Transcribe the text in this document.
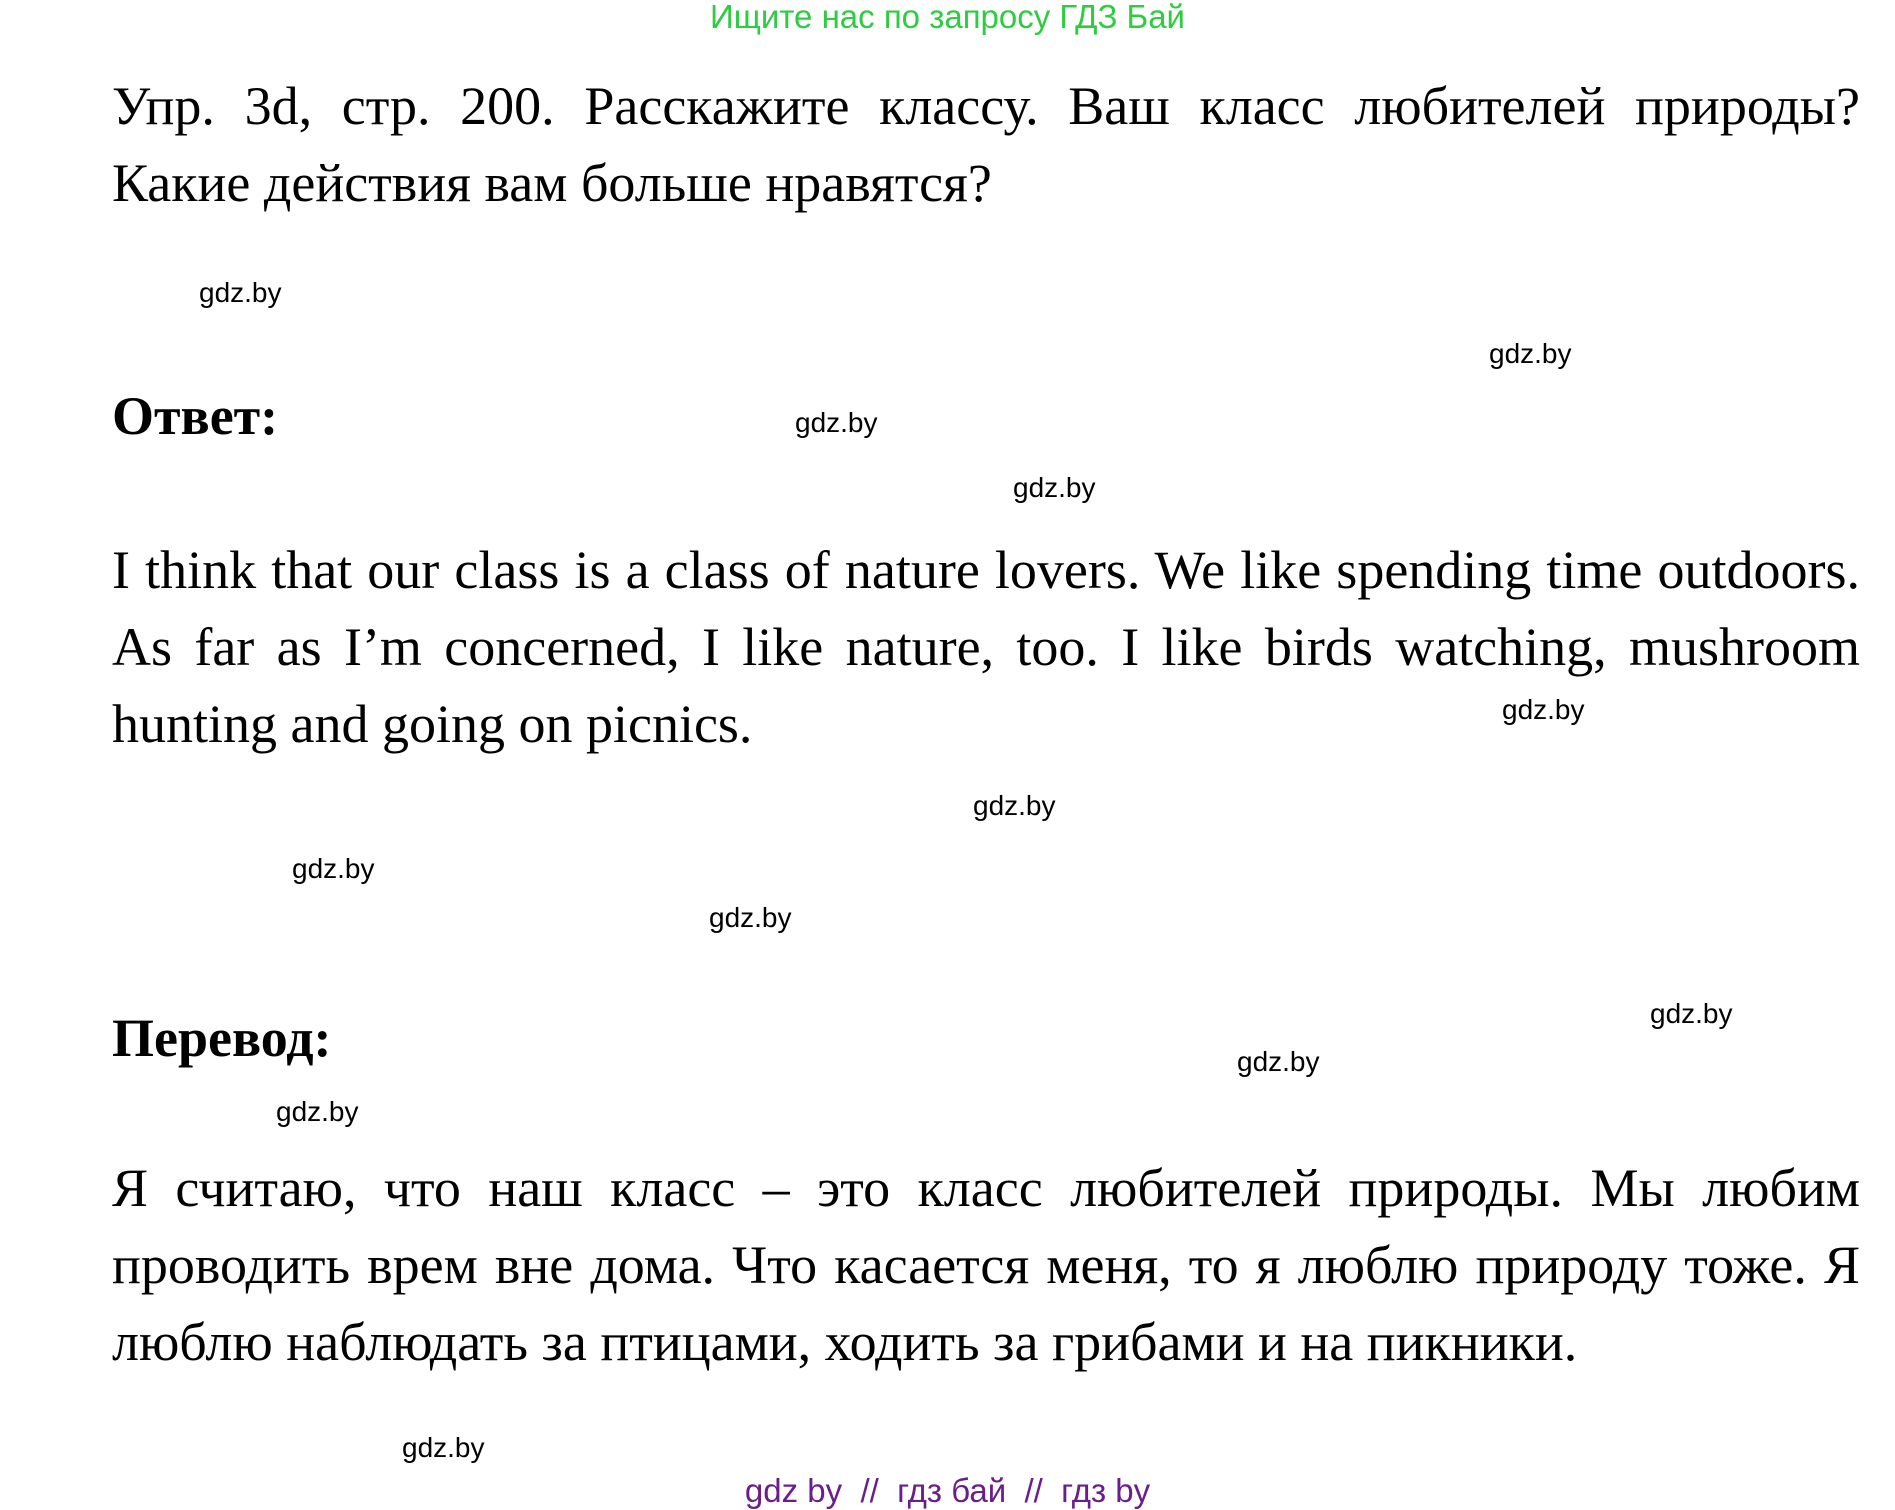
Ищите нас по запросу ГДЗ Бай

Упр. 3d, стр. 200. Расскажите классу. Ваш класс любителей природы? Какие действия вам больше нравятся?

Ответ:

I think that our class is a class of nature lovers. We like spending time outdoors. As far as I’m concerned, I like nature, too. I like birds watching, mushroom hunting and going on picnics.

Перевод:

Я считаю, что наш класс – это класс любителей природы. Мы любим проводить врем вне дома. Что касается меня, то я люблю природу тоже. Я люблю наблюдать за птицами, ходить за грибами и на пикники.

gdz.by
gdz.by
gdz.by
gdz.by
gdz.by
gdz.by
gdz.by
gdz.by
gdz.by
gdz.by
gdz.by
gdz.by
gdz by  //  гдз бай  //  гдз by
